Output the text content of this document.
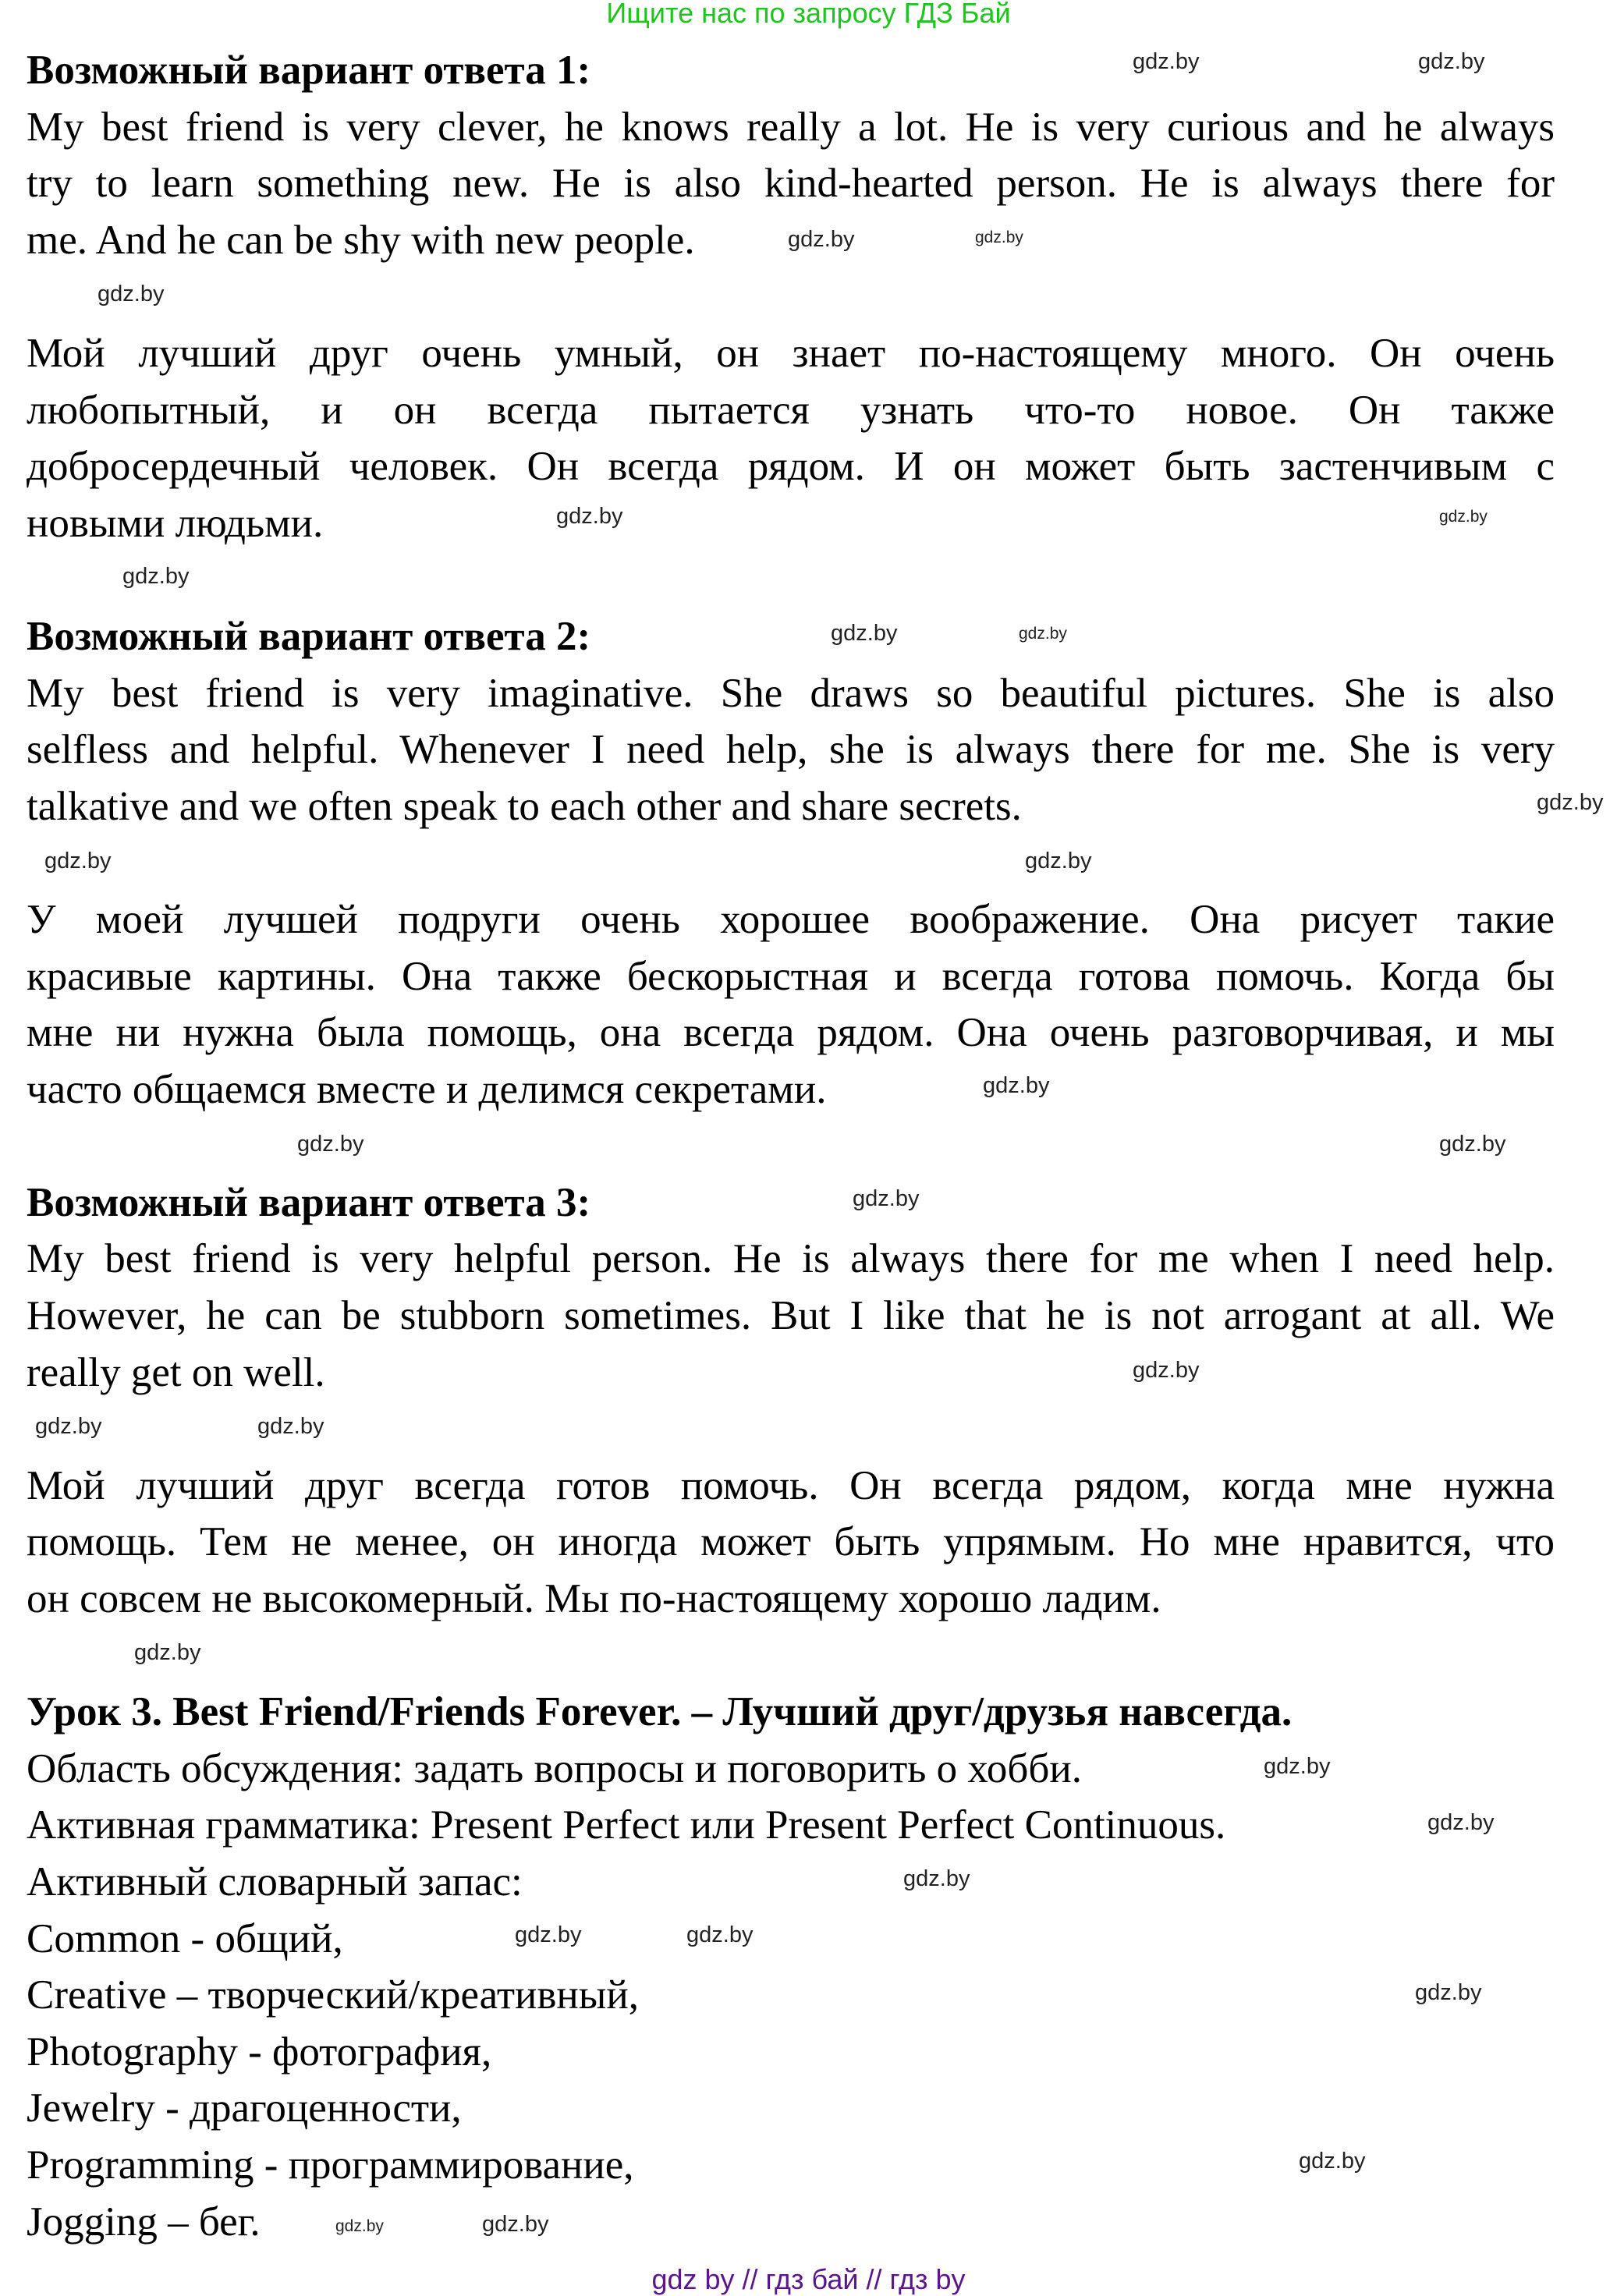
Ищите нас по запросу ГДЗ Бай
Возможный вариант ответа 1:
My best friend is very clever, he knows really a lot. He is very curious and he always
try to learn something new. He is also kind-hearted person. He is always there for
me. And he can be shy with new people.
Мой лучший друг очень умный, он знает по-настоящему много. Он очень
любопытный, и он всегда пытается узнать что-то новое. Он также
добросердечный человек. Он всегда рядом. И он может быть застенчивым с
новыми людьми.
Возможный вариант ответа 2:
My best friend is very imaginative. She draws so beautiful pictures. She is also
selfless and helpful. Whenever I need help, she is always there for me. She is very
talkative and we often speak to each other and share secrets.
У моей лучшей подруги очень хорошее воображение. Она рисует такие
красивые картины. Она также бескорыстная и всегда готова помочь. Когда бы
мне ни нужна была помощь, она всегда рядом. Она очень разговорчивая, и мы
часто общаемся вместе и делимся секретами.
Возможный вариант ответа 3:
My best friend is very helpful person. He is always there for me when I need help.
However, he can be stubborn sometimes. But I like that he is not arrogant at all. We
really get on well.
Мой лучший друг всегда готов помочь. Он всегда рядом, когда мне нужна
помощь. Тем не менее, он иногда может быть упрямым. Но мне нравится, что
он совсем не высокомерный. Мы по-настоящему хорошо ладим.
Урок 3. Best Friend/Friends Forever. – Лучший друг/друзья навсегда.
Область обсуждения: задать вопросы и поговорить о хобби.
Активная грамматика: Present Perfect или Present Perfect Continuous.
Активный словарный запас:
Common - общий,
Creative – творческий/креативный,
Photography - фотография,
Jewelry - драгоценности,
Programming - программирование,
Jogging – бег.
gdz.by	gdz.by
gdz.by
gdz.by
gdz.by
gdz.by
gdz.by
gdz.by
gdz.by	gdz.by
gdz.by
gdz.by	gdz.by
gdz.by
gdz.by	gdz.by
gdz.by
gdz.by
gdz.by
gdz.by
gdz.by
gdz.by
gdz.by
gdz.by
gdz.by	gdz.by
gdz.by
gdz.by
gdz.by	gdz.by
gdz by // гдз бай // гдз by
